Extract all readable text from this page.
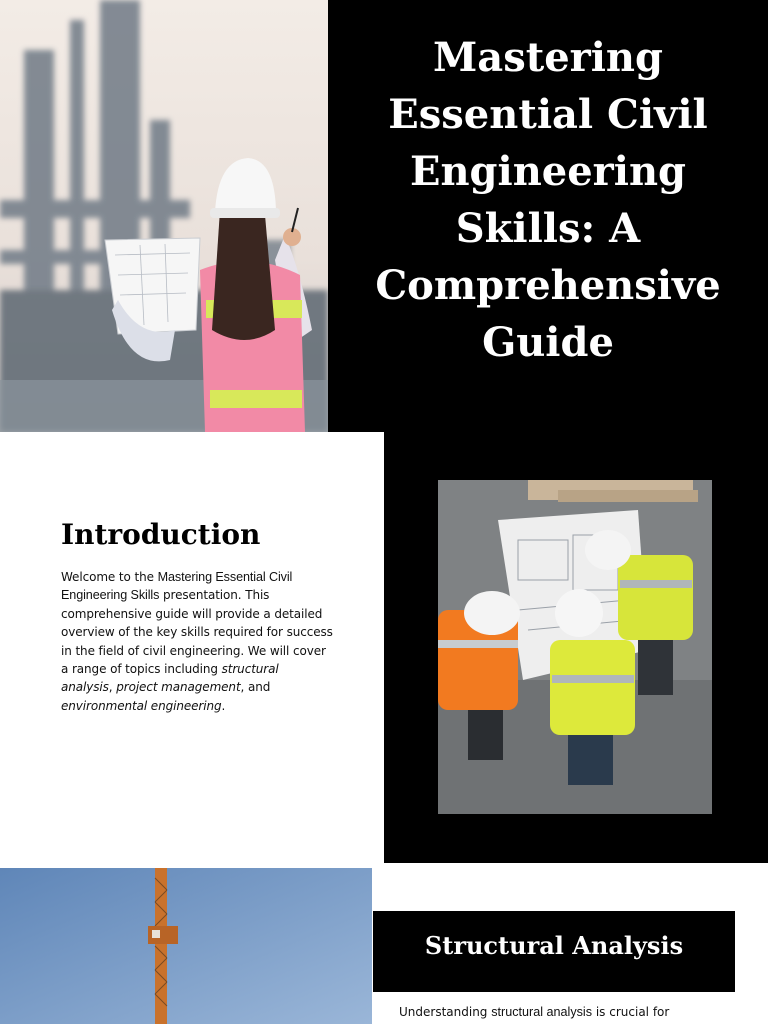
Mastering Essential Civil Engineering Skills: A Comprehensive Guide
Introduction

Welcome to the Mastering Essential Civil Engineering Skills presentation. This comprehensive guide will provide a detailed overview of the key skills required for success in the field of civil engineering. We will cover a range of topics including structural analysis, project management, and environmental engineering.

Structural Analysis

Understanding structural analysis is crucial for
